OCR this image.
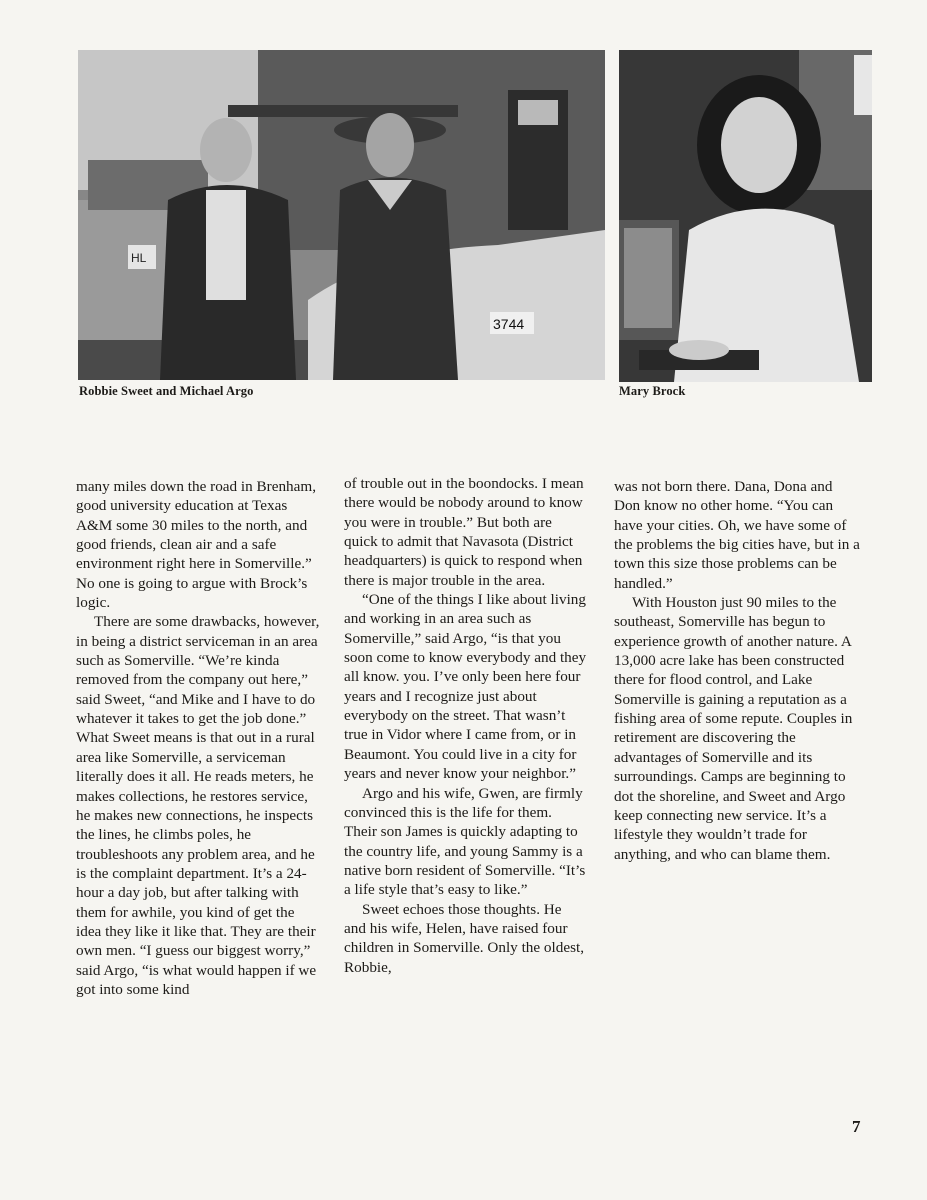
HL
3744
Robbie Sweet and Michael Argo	Mary Brock

many miles down the road in Brenham, good university education at Texas A&M some 30 miles to the north, and good friends, clean air and a safe environment right here in Somerville.” No one is going to argue with Brock’s logic.

There are some drawbacks, however, in being a district serviceman in an area such as Somerville. “We’re kinda removed from the company out here,” said Sweet, “and Mike and I have to do whatever it takes to get the job done.” What Sweet means is that out in a rural area like Somerville, a serviceman literally does it all. He reads meters, he makes collections, he restores service, he makes new connections, he inspects the lines, he climbs poles, he troubleshoots any problem area, and he is the complaint department. It’s a 24-hour a day job, but after talking with them for awhile, you kind of get the idea they like it like that. They are their own men. “I guess our biggest worry,” said Argo, “is what would happen if we got into some kind

of trouble out in the boondocks. I mean there would be nobody around to know you were in trouble.” But both are quick to admit that Navasota (District headquarters) is quick to respond when there is major trouble in the area.

“One of the things I like about living and working in an area such as Somerville,” said Argo, “is that you soon come to know everybody and they all know. you. I’ve only been here four years and I recognize just about everybody on the street. That wasn’t true in Vidor where I came from, or in Beaumont. You could live in a city for years and never know your neighbor.”

Argo and his wife, Gwen, are firmly convinced this is the life for them. Their son James is quickly adapting to the country life, and young Sammy is a native born resident of Somerville. “It’s a life style that’s easy to like.”

Sweet echoes those thoughts. He and his wife, Helen, have raised four children in Somerville. Only the oldest, Robbie,

was not born there. Dana, Dona and Don know no other home. “You can have your cities. Oh, we have some of the problems the big cities have, but in a town this size those problems can be handled.”

With Houston just 90 miles to the southeast, Somerville has begun to experience growth of another nature. A 13,000 acre lake has been constructed there for flood control, and Lake Somerville is gaining a reputation as a fishing area of some repute. Couples in retirement are discovering the advantages of Somerville and its surroundings. Camps are beginning to dot the shoreline, and Sweet and Argo keep connecting new service. It’s a lifestyle they wouldn’t trade for anything, and who can blame them.

7
